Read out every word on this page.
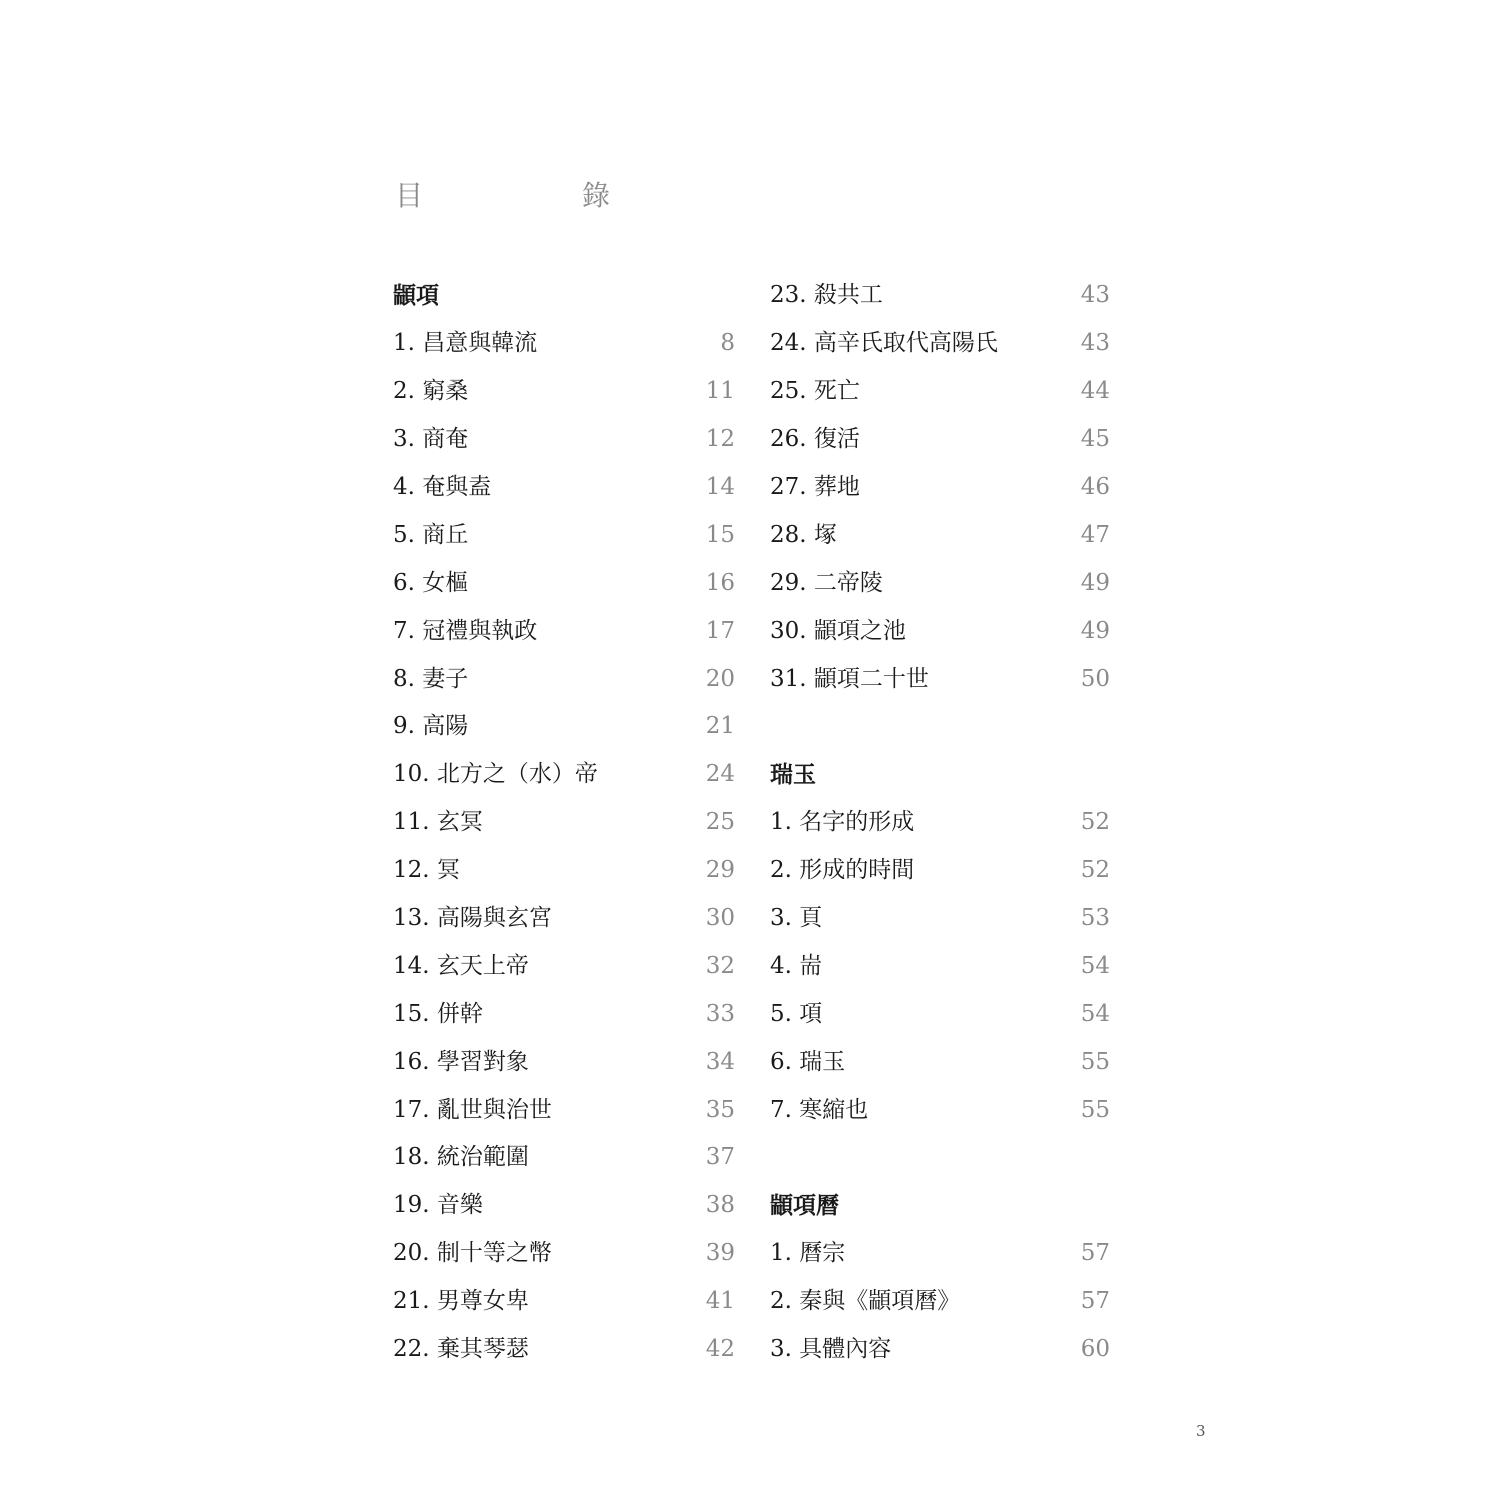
目	錄
顓項
1. 昌意與韓流	8
2. 窮桑	11
3. 商奄	12
4. 奄與盍	14
5. 商丘	15
6. 女樞	16
7. 冠禮與執政	17
8. 妻子	20
9. 高陽	21
10. 北方之（水）帝	24
11. 玄冥	25
12. 冥	29
13. 高陽與玄宮	30
14. 玄天上帝	32
15. 併幹	33
16. 學習對象	34
17. 亂世與治世	35
18. 統治範圍	37
19. 音樂	38
20. 制十等之幣	39
21. 男尊女卑	41
22. 棄其琴瑟	42
23. 殺共工	43
24. 高辛氏取代高陽氏	43
25. 死亡	44
26. 復活	45
27. 葬地	46
28. 塚	47
29. 二帝陵	49
30. 顓項之池	49
31. 顓項二十世	50
瑞玉
1. 名字的形成	52
2. 形成的時間	52
3. 頁	53
4. 耑	54
5. 項	54
6. 瑞玉	55
7. 寒縮也	55
顓項曆
1. 曆宗	57
2. 秦與《顓項曆》	57
3. 具體內容	60
3
